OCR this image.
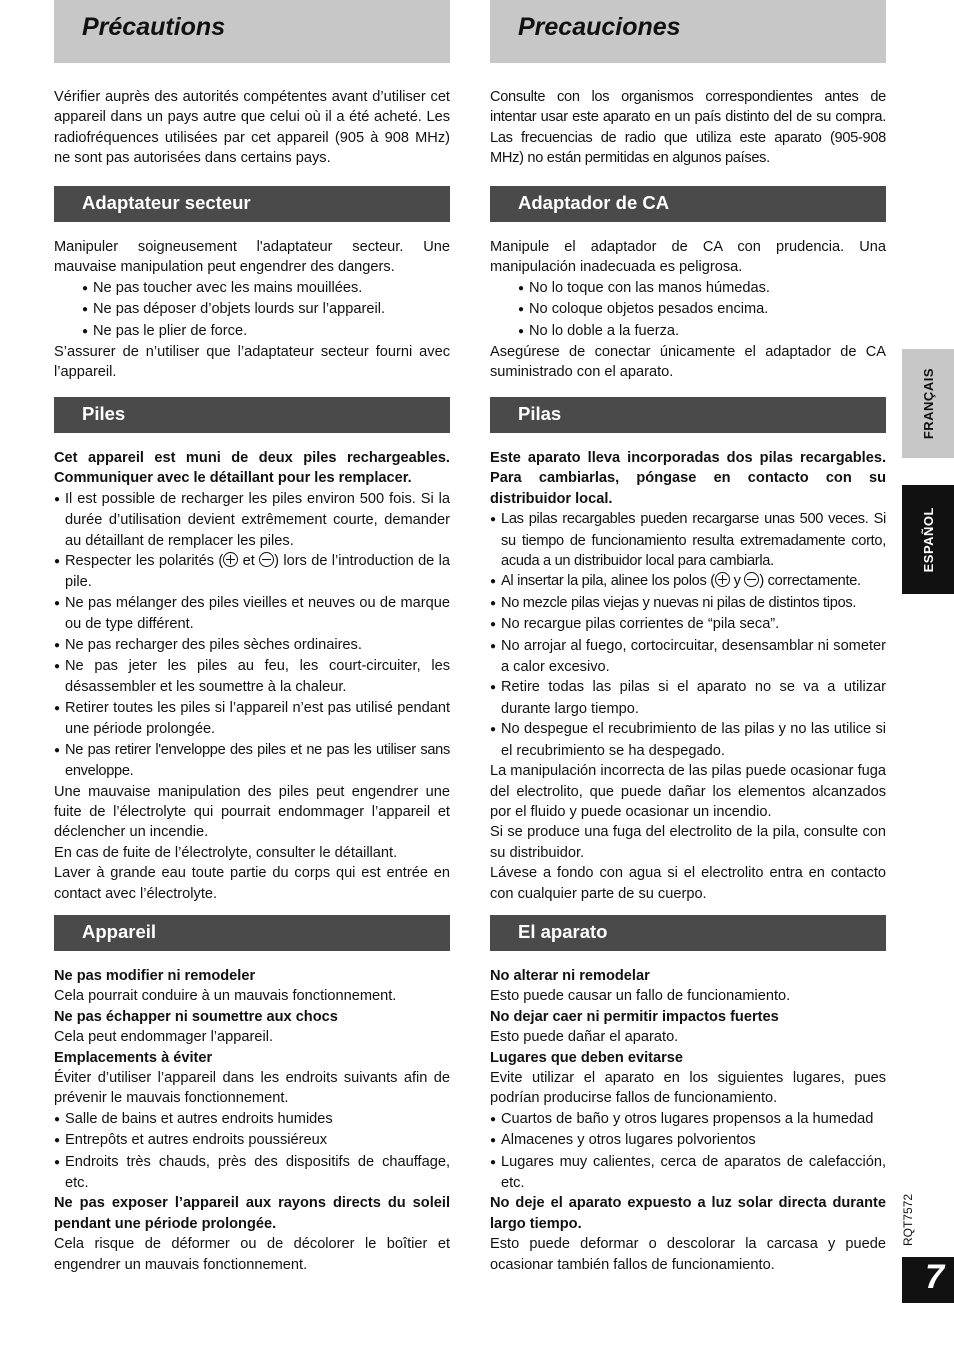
Précautions
Vérifier auprès des autorités compétentes avant d’utiliser cet appareil dans un pays autre que celui où il a été acheté. Les radiofréquences utilisées par cet appareil (905 à 908 MHz) ne sont pas autorisées dans certains pays.
Adaptateur secteur

Manipuler soigneusement l'adaptateur secteur. Une mauvaise manipulation peut engendrer des dangers.

● Ne pas toucher avec les mains mouillées.

● Ne pas déposer d’objets lourds sur l’appareil.

● Ne pas le plier de force.

S’assurer de n’utiliser que l’adaptateur secteur fourni avec l’appareil.

Piles

Cet appareil est muni de deux piles rechargeables. Communiquer avec le détaillant pour les remplacer.

● Il est possible de recharger les piles environ 500 fois. Si la durée d’utilisation devient extrêmement courte, demander au détaillant de remplacer les piles.

● Respecter les polarités ( et ) lors de l’introduction de la pile.

● Ne pas mélanger des piles vieilles et neuves ou de marque ou de type différent.

● Ne pas recharger des piles sèches ordinaires.

● Ne pas jeter les piles au feu, les court-circuiter, les désassembler et les soumettre à la chaleur.

● Retirer toutes les piles si l’appareil n’est pas utilisé pendant une période prolongée.

● Ne pas retirer l'enveloppe des piles et ne pas les utiliser sans enveloppe.

Une mauvaise manipulation des piles peut engendrer une fuite de l’électrolyte qui pourrait endommager l’appareil et déclencher un incendie.

En cas de fuite de l’électrolyte, consulter le détaillant.

Laver à grande eau toute partie du corps qui est entrée en contact avec l’électrolyte.

Appareil

Ne pas modifier ni remodeler

Cela pourrait conduire à un mauvais fonctionnement.

Ne pas échapper ni soumettre aux chocs

Cela peut endommager l’appareil.

Emplacements à éviter

Éviter d’utiliser l’appareil dans les endroits suivants afin de prévenir le mauvais fonctionnement.

● Salle de bains et autres endroits humides

● Entrepôts et autres endroits poussiéreux

● Endroits très chauds, près des dispositifs de chauffage, etc.

Ne pas exposer l’appareil aux rayons directs du soleil pendant une période prolongée.

Cela risque de déformer ou de décolorer le boîtier et engendrer un mauvais fonctionnement.

Precauciones
Consulte con los organismos correspondientes antes de intentar usar este aparato en un país distinto del de su compra. Las frecuencias de radio que utiliza este aparato (905-908 MHz) no están permitidas en algunos países.
Adaptador de CA

Manipule el adaptador de CA con prudencia. Una manipulación inadecuada es peligrosa.

● No lo toque con las manos húmedas.

● No coloque objetos pesados encima.

● No lo doble a la fuerza.

Asegúrese de conectar únicamente el adaptador de CA suministrado con el aparato.

Pilas

Este aparato lleva incorporadas dos pilas recargables. Para cambiarlas, póngase en contacto con su distribuidor local.

● Las pilas recargables pueden recargarse unas 500 veces. Si su tiempo de funcionamiento resulta extremadamente corto, acuda a un distribuidor local para cambiarla.

● Al insertar la pila, alinee los polos ( y ) correctamente.

● No mezcle pilas viejas y nuevas ni pilas de distintos tipos.

● No recargue pilas corrientes de “pila seca”.

● No arrojar al fuego, cortocircuitar, desensamblar ni someter a calor excesivo.

● Retire todas las pilas si el aparato no se va a utilizar durante largo tiempo.

● No despegue el recubrimiento de las pilas y no las utilice si el recubrimiento se ha despegado.

La manipulación incorrecta de las pilas puede ocasionar fuga del electrolito, que puede dañar los elementos alcanzados por el fluido y puede ocasionar un incendio.

Si se produce una fuga del electrolito de la pila, consulte con su distribuidor.

Lávese a fondo con agua si el electrolito entra en contacto con cualquier parte de su cuerpo.

El aparato

No alterar ni remodelar

Esto puede causar un fallo de funcionamiento.

No dejar caer ni permitir impactos fuertes

Esto puede dañar el aparato.

Lugares que deben evitarse

Evite utilizar el aparato en los siguientes lugares, pues podrían producirse fallos de funcionamiento.

● Cuartos de baño y otros lugares propensos a la humedad

● Almacenes y otros lugares polvorientos

● Lugares muy calientes, cerca de aparatos de calefacción, etc.

No deje el aparato expuesto a luz solar directa durante largo tiempo.

Esto puede deformar o descolorar la carcasa y puede ocasionar también fallos de funcionamiento.

FRANÇAIS
ESPAÑOL
RQT7572
7
